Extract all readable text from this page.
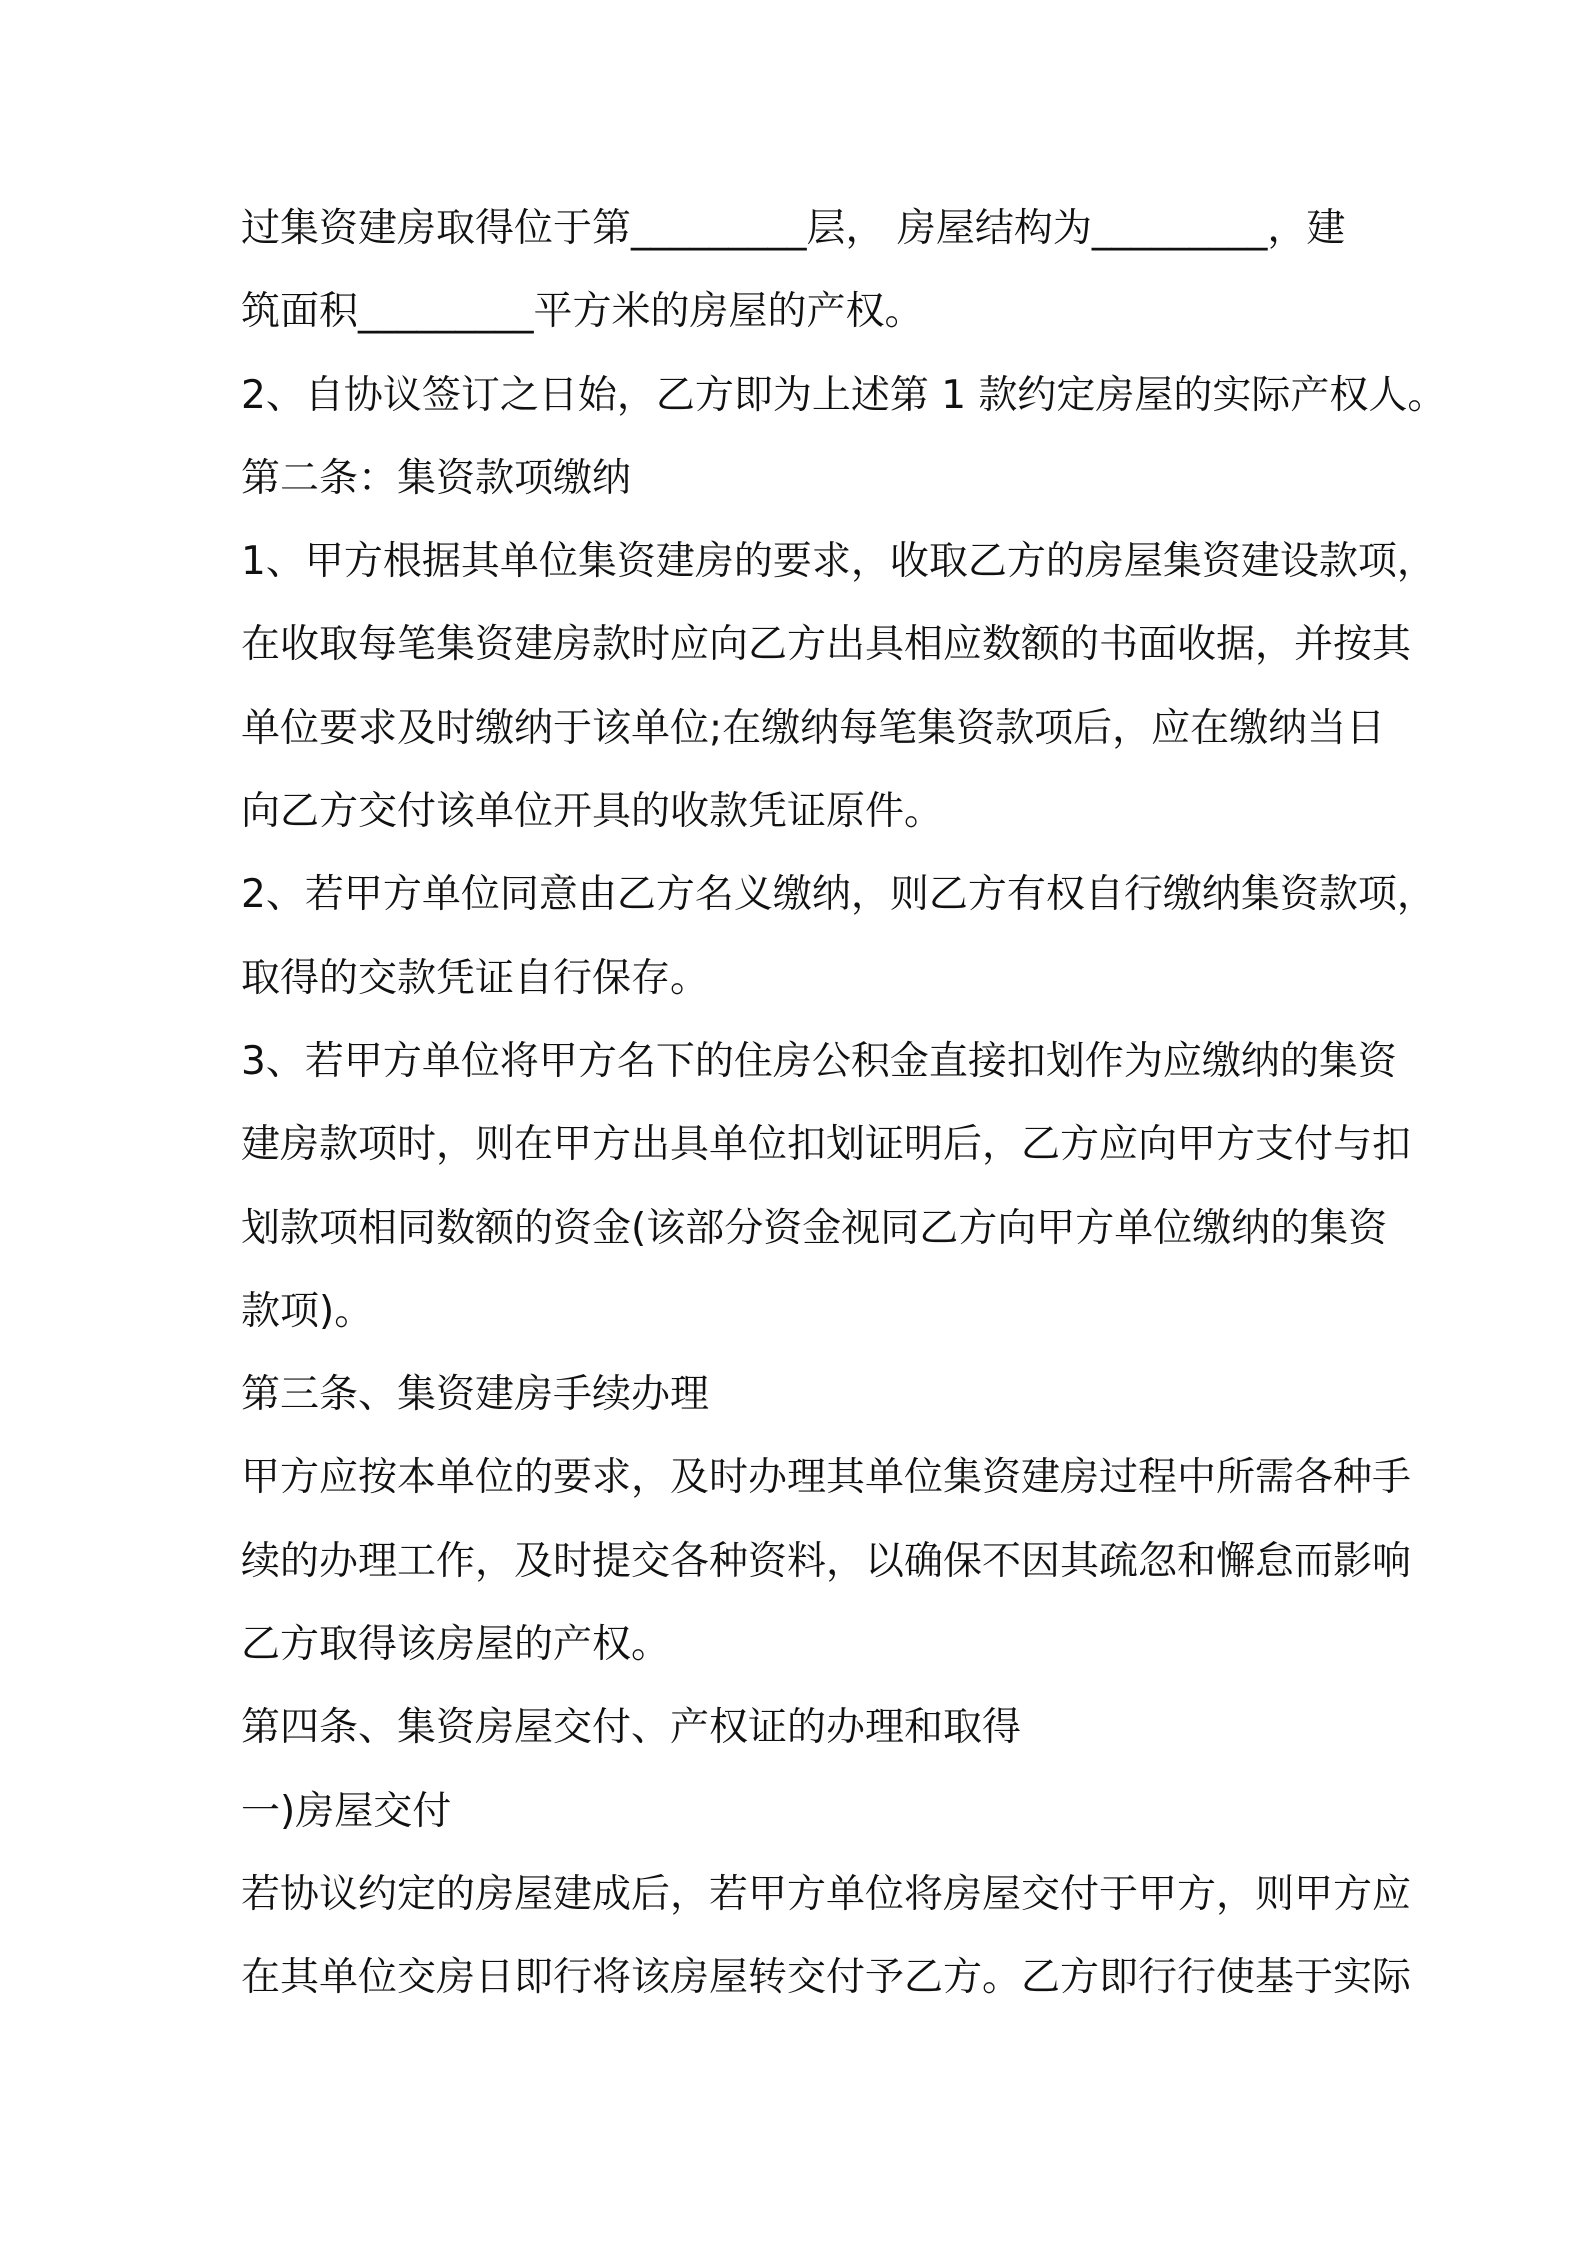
过集资建房取得位于第_________层， 房屋结构为_________，建
筑面积_________平方米的房屋的产权。
2、自协议签订之日始，乙方即为上述第 1 款约定房屋的实际产权人。
第二条：集资款项缴纳
1、甲方根据其单位集资建房的要求，收取乙方的房屋集资建设款项，
在收取每笔集资建房款时应向乙方出具相应数额的书面收据，并按其
单位要求及时缴纳于该单位;在缴纳每笔集资款项后，应在缴纳当日
向乙方交付该单位开具的收款凭证原件。
2、若甲方单位同意由乙方名义缴纳，则乙方有权自行缴纳集资款项，
取得的交款凭证自行保存。
3、若甲方单位将甲方名下的住房公积金直接扣划作为应缴纳的集资
建房款项时，则在甲方出具单位扣划证明后，乙方应向甲方支付与扣
划款项相同数额的资金(该部分资金视同乙方向甲方单位缴纳的集资
款项)。
第三条、集资建房手续办理
甲方应按本单位的要求，及时办理其单位集资建房过程中所需各种手
续的办理工作，及时提交各种资料，以确保不因其疏忽和懈怠而影响
乙方取得该房屋的产权。
第四条、集资房屋交付、产权证的办理和取得
一)房屋交付
若协议约定的房屋建成后，若甲方单位将房屋交付于甲方，则甲方应
在其单位交房日即行将该房屋转交付予乙方。乙方即行行使基于实际
